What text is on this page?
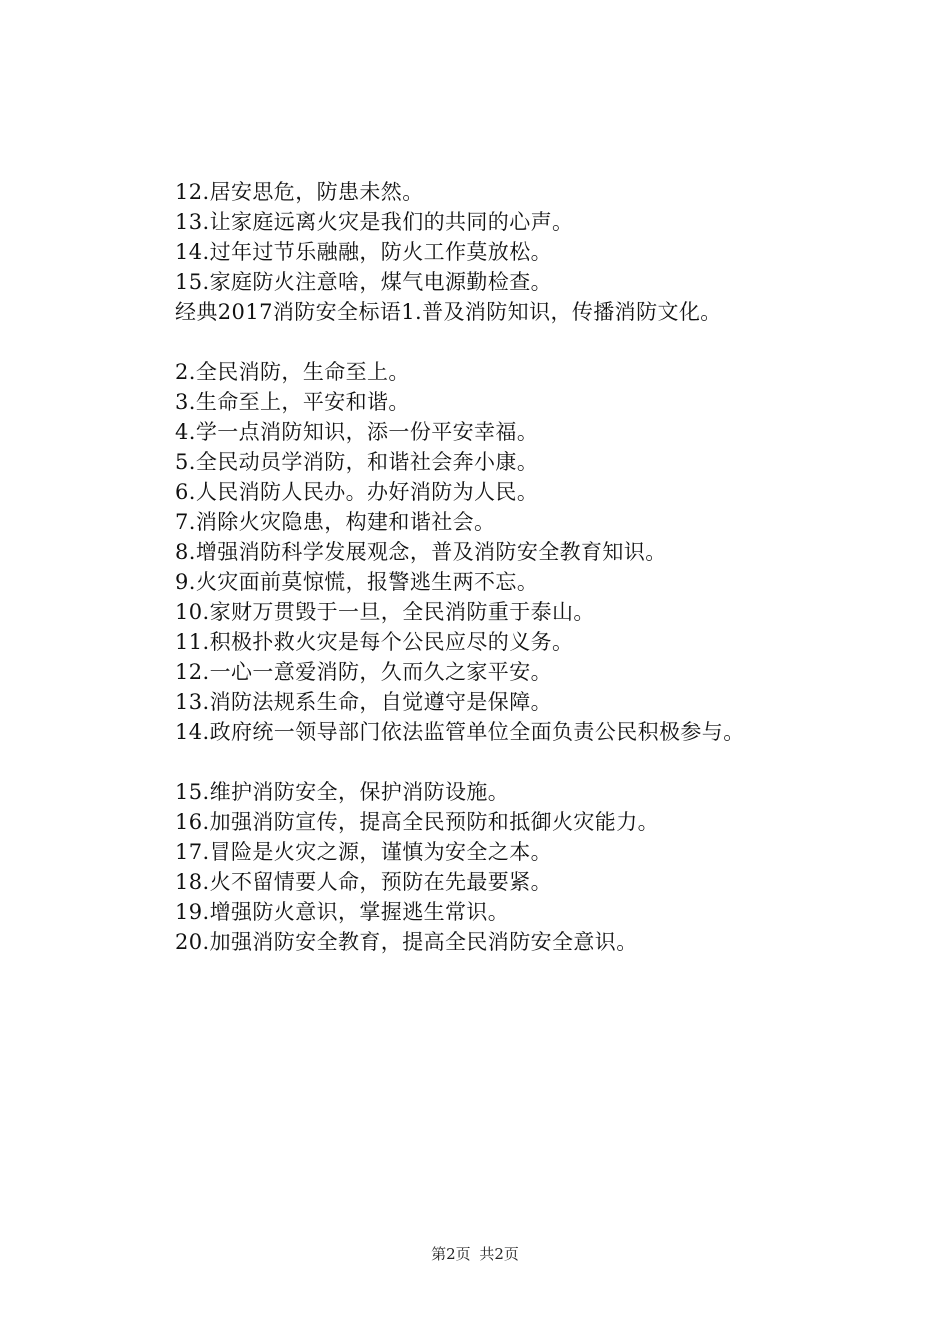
12.居安思危，防患未然。
13.让家庭远离火灾是我们的共同的心声。
14.过年过节乐融融，防火工作莫放松。
15.家庭防火注意啥，煤气电源勤检查。
经典2017消防安全标语1.普及消防知识，传播消防文化。
2.全民消防，生命至上。
3.生命至上，平安和谐。
4.学一点消防知识，添一份平安幸福。
5.全民动员学消防，和谐社会奔小康。
6.人民消防人民办。办好消防为人民。
7.消除火灾隐患，构建和谐社会。
8.增强消防科学发展观念，普及消防安全教育知识。
9.火灾面前莫惊慌，报警逃生两不忘。
10.家财万贯毁于一旦，全民消防重于泰山。
11.积极扑救火灾是每个公民应尽的义务。
12.一心一意爱消防，久而久之家平安。
13.消防法规系生命，自觉遵守是保障。
14.政府统一领导部门依法监管单位全面负责公民积极参与。
15.维护消防安全，保护消防设施。
16.加强消防宣传，提高全民预防和抵御火灾能力。
17.冒险是火灾之源，谨慎为安全之本。
18.火不留情要人命，预防在先最要紧。
19.增强防火意识，掌握逃生常识。
20.加强消防安全教育，提高全民消防安全意识。
第2页 共2页
